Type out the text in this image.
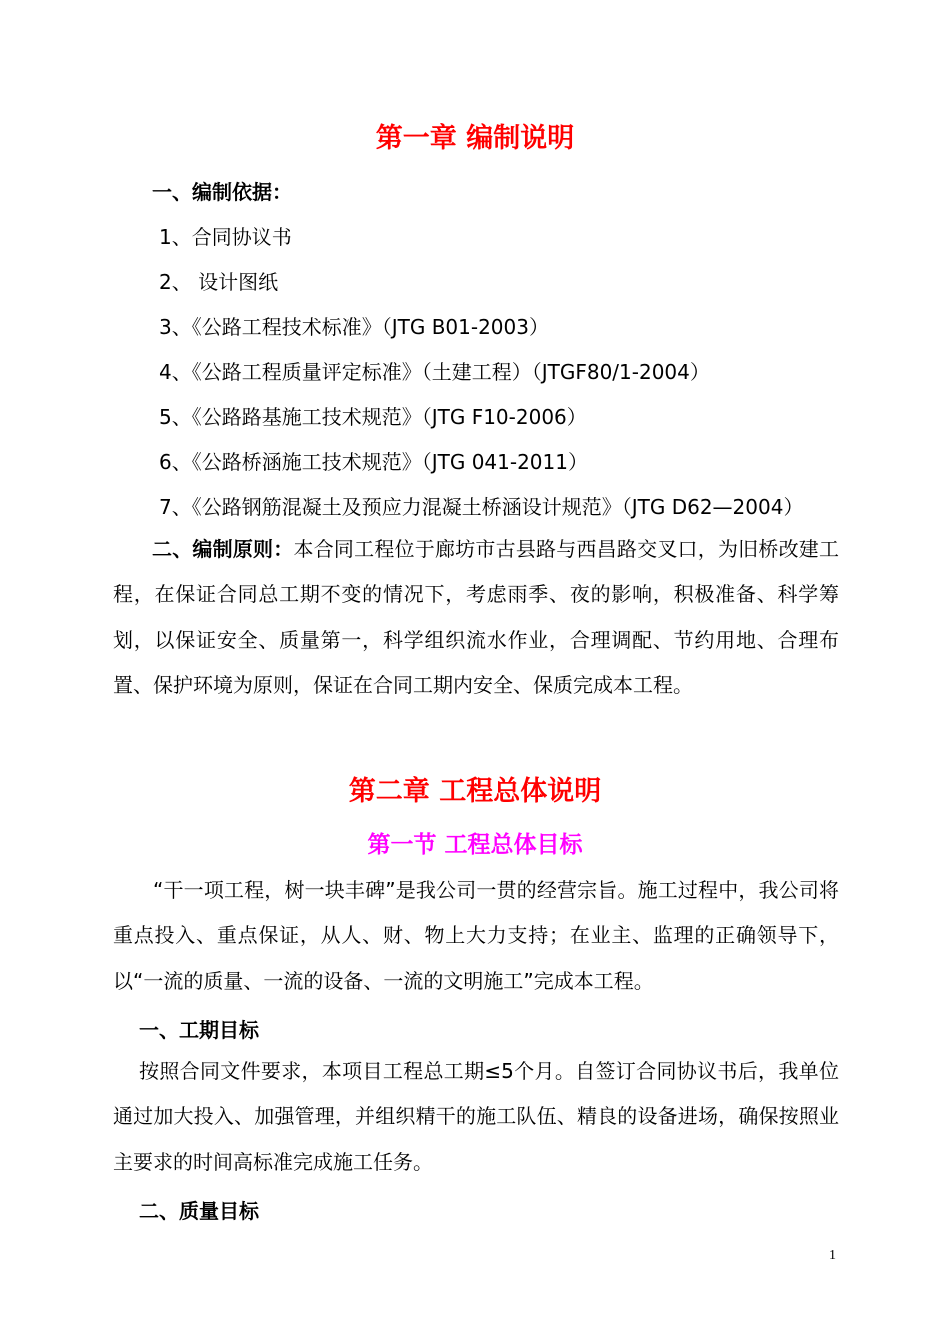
第一章 编制说明
一、编制依据：
1、合同协议书
2、 设计图纸
3、《公路工程技术标准》（JTG B01-2003）
4、《公路工程质量评定标准》（土建工程）（JTGF80/1-2004）
5、《公路路基施工技术规范》（JTG F10-2006）
6、《公路桥涵施工技术规范》（JTG 041-2011）
7、《公路钢筋混凝土及预应力混凝土桥涵设计规范》（JTG D62—2004）
二、编制原则：本合同工程位于廊坊市古县路与西昌路交叉口，为旧桥改建工程，在保证合同总工期不变的情况下，考虑雨季、夜的影响，积极准备、科学筹划，以保证安全、质量第一，科学组织流水作业，合理调配、节约用地、合理布置、保护环境为原则，保证在合同工期内安全、保质完成本工程。
第二章 工程总体说明
第一节 工程总体目标
“干一项工程，树一块丰碑”是我公司一贯的经营宗旨。施工过程中，我公司将重点投入、重点保证，从人、财、物上大力支持；在业主、监理的正确领导下，以“一流的质量、一流的设备、一流的文明施工”完成本工程。
一、工期目标
按照合同文件要求，本项目工程总工期≤5个月。自签订合同协议书后，我单位通过加大投入、加强管理，并组织精干的施工队伍、精良的设备进场，确保按照业主要求的时间高标准完成施工任务。
二、质量目标
1
